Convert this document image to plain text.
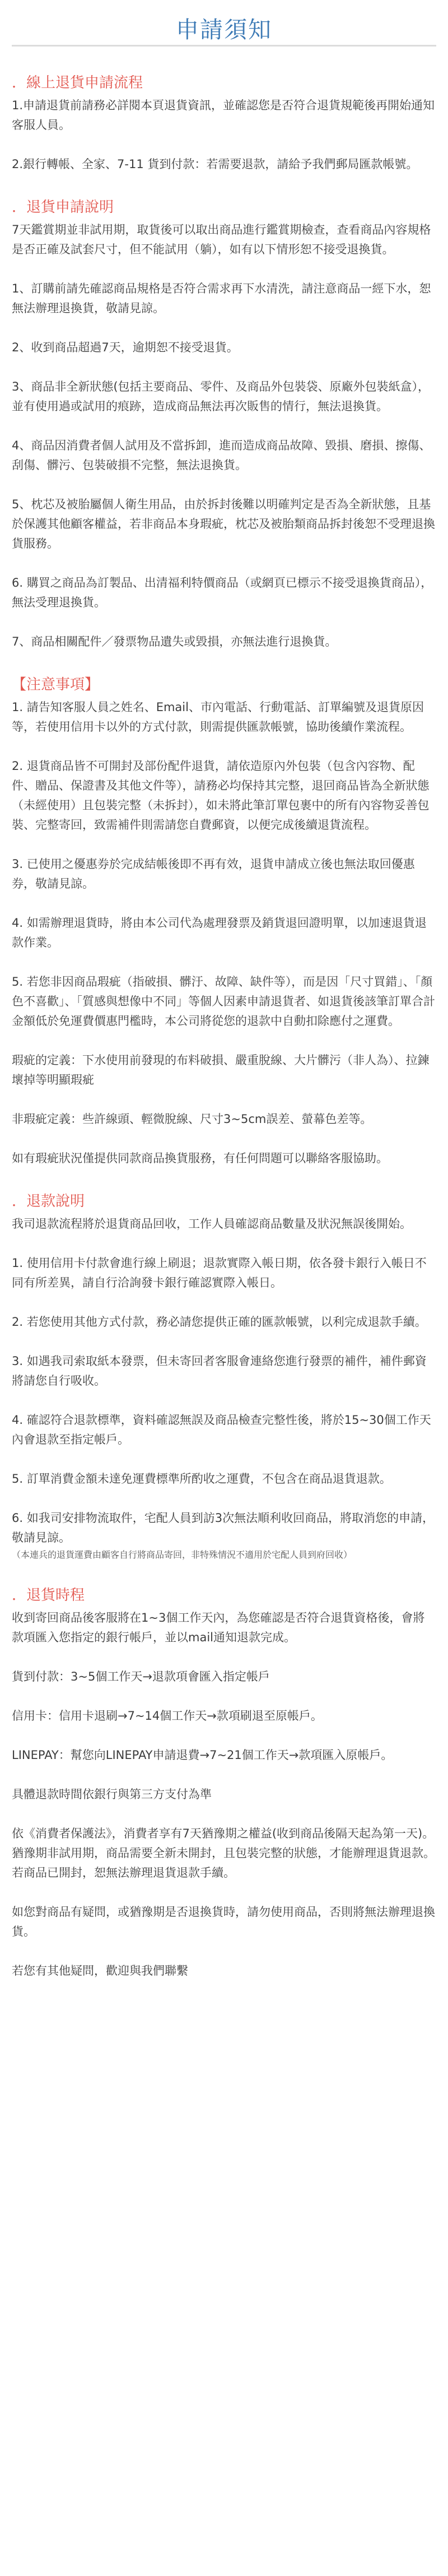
申請須知
．線上退貨申請流程

1.申請退貨前請務必詳閱本頁退貨資訊，並確認您是否符合退貨規範後再開始通知客服人員。

2.銀行轉帳、全家、7-11 貨到付款：若需要退款，請給予我們郵局匯款帳號。

．退貨申請說明

7天鑑賞期並非試用期，取貨後可以取出商品進行鑑賞期檢查，查看商品內容規格是否正確及試套尺寸，但不能試用（躺），如有以下情形恕不接受退換貨。

1、訂購前請先確認商品規格是否符合需求再下水清洗，請注意商品一經下水，恕無法辦理退換貨，敬請見諒。

2、收到商品超過7天，逾期恕不接受退貨。

3、商品非全新狀態(包括主要商品、零件、及商品外包裝袋、原廠外包裝紙盒），並有使用過或試用的痕跡，造成商品無法再次販售的情行，無法退換貨。

4、商品因消費者個人試用及不當拆卸，進而造成商品故障、毀損、磨損、擦傷、刮傷、髒污、包裝破損不完整，無法退換貨。

5、枕芯及被胎屬個人衛生用品，由於拆封後難以明確判定是否為全新狀態，且基於保護其他顧客權益，若非商品本身瑕疵，枕芯及被胎類商品拆封後恕不受理退換貨服務。

6. 購買之商品為訂製品、出清福利特價商品（或網頁已標示不接受退換貨商品），無法受理退換貨。

7、商品相關配件／發票物品遺失或毀損，亦無法進行退換貨。

【注意事項】

1. 請告知客服人員之姓名、Email、市內電話、行動電話、訂單編號及退貨原因等，若使用信用卡以外的方式付款，則需提供匯款帳號，協助後續作業流程。

2. 退貨商品皆不可開封及部份配件退貨，請依造原內外包裝（包含內容物、配件、贈品、保證書及其他文件等），請務必均保持其完整，退回商品皆為全新狀態（未經使用）且包裝完整（未拆封），如未將此筆訂單包裹中的所有內容物妥善包裝、完整寄回，致需補件則需請您自費郵資，以便完成後續退貨流程。

3. 已使用之優惠券於完成結帳後即不再有效，退貨申請成立後也無法取回優惠券，敬請見諒。

4. 如需辦理退貨時，將由本公司代為處理發票及銷貨退回證明單，以加速退貨退款作業。

5. 若您非因商品瑕疵（指破損、髒汙、故障、缺件等），而是因「尺寸買錯」、「顏色不喜歡」、「質感與想像中不同」等個人因素申請退貨者、如退貨後該筆訂單合計金額低於免運費價惠門檻時，本公司將從您的退款中自動扣除應付之運費。

瑕疵的定義：下水使用前發現的布料破損、嚴重脫線、大片髒污（非人為）、拉鍊壞掉等明顯瑕疵

非瑕疵定義：些許線頭、輕微脫線、尺寸3~5cm誤差、螢幕色差等。

如有瑕疵狀況僅提供同款商品換貨服務，有任何問題可以聯絡客服協助。

．退款說明

我司退款流程將於退貨商品回收，工作人員確認商品數量及狀況無誤後開始。

1. 使用信用卡付款會進行線上刷退；退款實際入帳日期，依各發卡銀行入帳日不同有所差異，請自行洽詢發卡銀行確認實際入帳日。

2. 若您使用其他方式付款，務必請您提供正確的匯款帳號，以利完成退款手續。

3. 如遇我司索取紙本發票，但未寄回者客服會連絡您進行發票的補件，補件郵資將請您自行吸收。

4. 確認符合退款標準，資料確認無誤及商品檢查完整性後，將於15~30個工作天內會退款至指定帳戶。

5. 訂單消費金額未達免運費標準所酌收之運費，不包含在商品退貨退款。

6. 如我司安排物流取件，宅配人員到訪3次無法順利收回商品，將取消您的申請，敬請見諒。

（本連兵的退貨運費由顧客自行將商品寄回，非特殊情況不適用於宅配人員到府回收）

．退貨時程

收到寄回商品後客服將在1~3個工作天內，為您確認是否符合退貨資格後，會將款項匯入您指定的銀行帳戶，並以mail通知退款完成。

貨到付款：3~5個工作天→退款項會匯入指定帳戶

信用卡：信用卡退刷→7~14個工作天→款項刷退至原帳戶。

LINEPAY：幫您向LINEPAY申請退費→7~21個工作天→款項匯入原帳戶。

具體退款時間依銀行與第三方支付為準

依《消費者保護法》，消費者享有7天猶豫期之權益(收到商品後隔天起為第一天)。猶豫期非試用期，商品需要全新未開封，且包裝完整的狀態，才能辦理退貨退款。若商品已開封，恕無法辦理退貨退款手續。

如您對商品有疑問，或猶豫期是否退換貨時，請勿使用商品，否則將無法辦理退換貨。

若您有其他疑問，歡迎與我們聯繫
